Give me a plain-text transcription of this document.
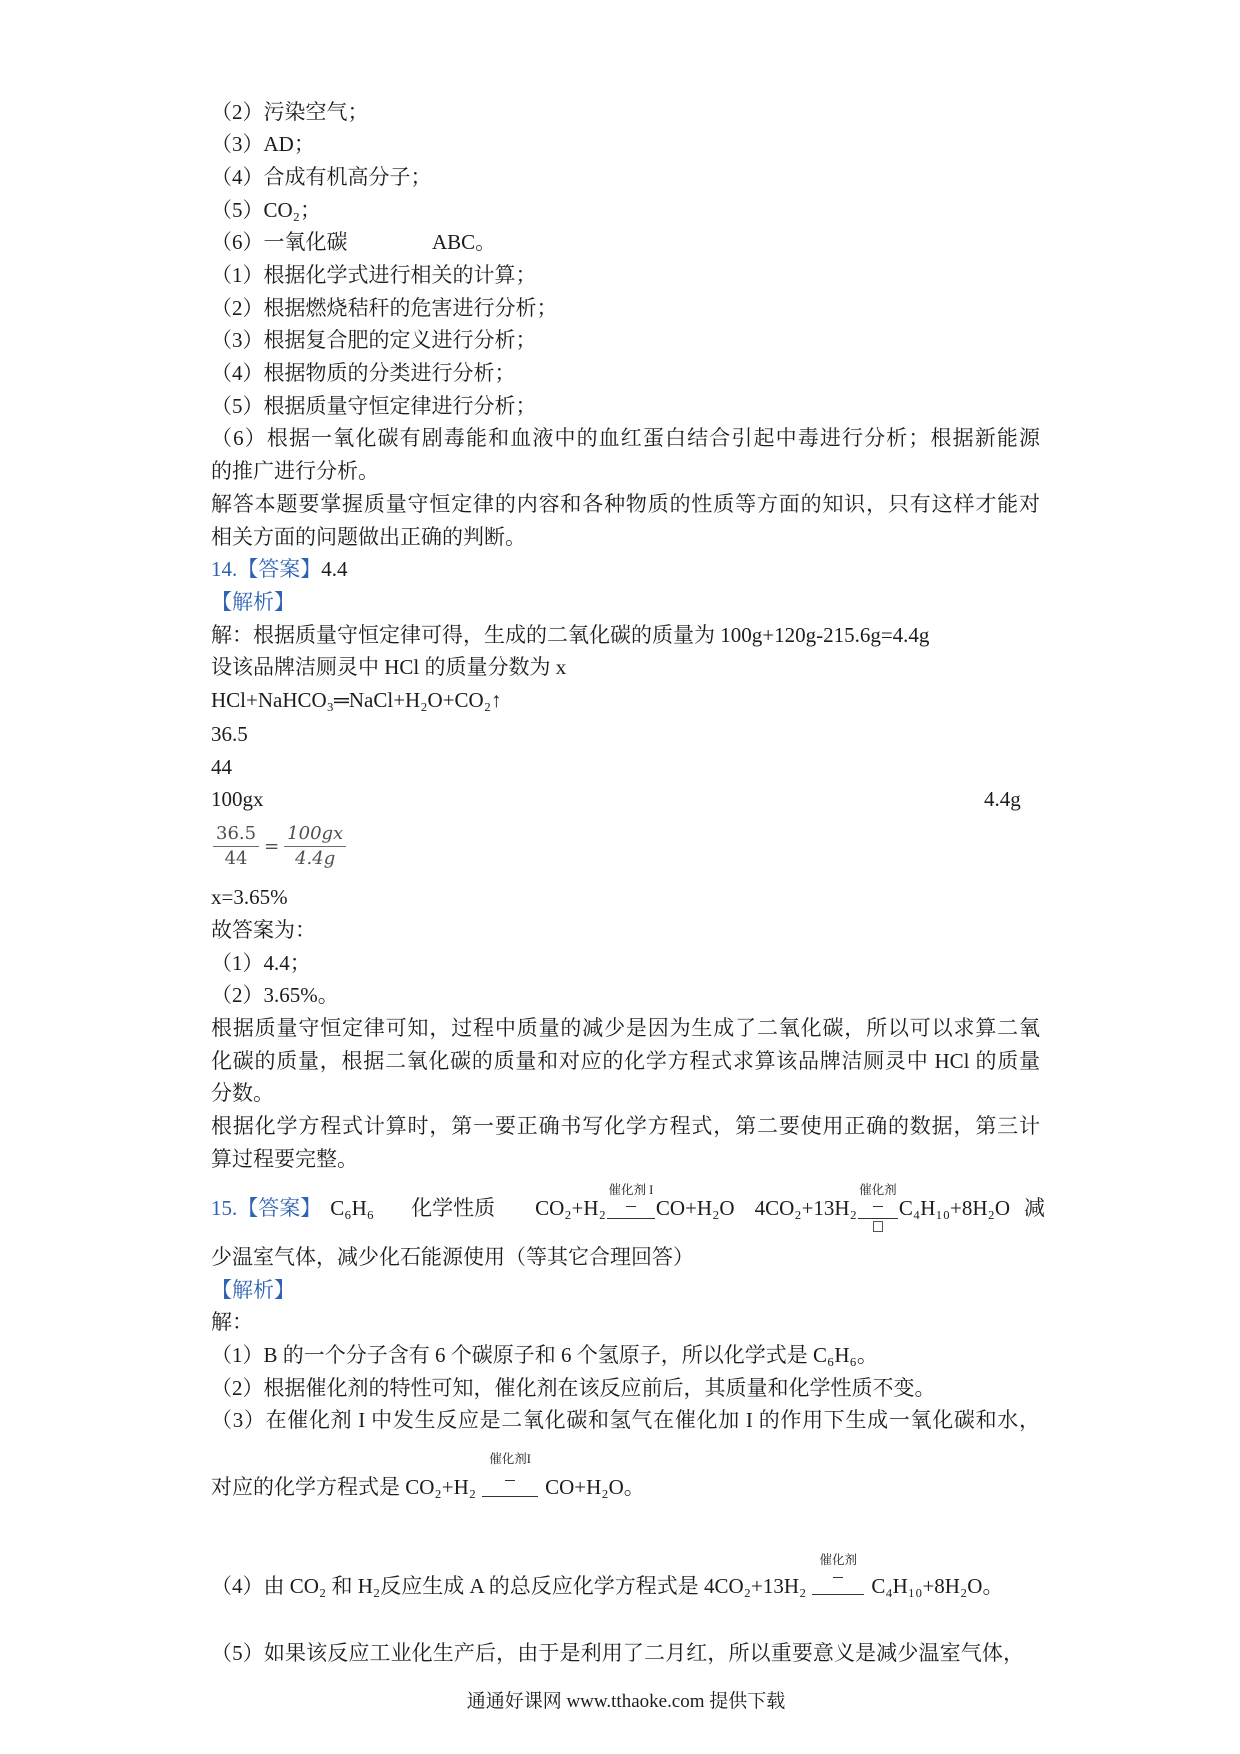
（2）污染空气；
（3）AD；
（4）合成有机高分子；
（5）CO₂；
（6）一氧化碳	ABC。
（1）根据化学式进行相关的计算；
（2）根据燃烧秸秆的危害进行分析；
（3）根据复合肥的定义进行分析；
（4）根据物质的分类进行分析；
（5）根据质量守恒定律进行分析；
（6）根据一氧化碳有剧毒能和血液中的血红蛋白结合引起中毒进行分析；根据新能源
的推广进行分析。
解答本题要掌握质量守恒定律的内容和各种物质的性质等方面的知识，只有这样才能对
相关方面的问题做出正确的判断。
14.【答案】4.4
【解析】
解：根据质量守恒定律可得，生成的二氧化碳的质量为 100g+120g-215.6g=4.4g
设该品牌洁厕灵中 HCl 的质量分数为 x
HCl+NaHCO₃═NaCl+H₂O+CO₂↑
36.5
44
100gx	4.4g
$\frac{36.5}{44} = \frac{100gx}{4.4g}$
x=3.65%
故答案为：
（1）4.4；
（2）3.65%。
根据质量守恒定律可知，过程中质量的减少是因为生成了二氧化碳，所以可以求算二氧
化碳的质量，根据二氧化碳的质量和对应的化学方程式求算该品牌洁厕灵中 HCl 的质量
分数。
根据化学方程式计算时，第一要正确书写化学方程式，第二要使用正确的数据，第三计
算过程要完整。
15. 【答案】 C₆H₆ 化学性质 CO₂+H₂
催化剂 I
CO+H₂O 4CO₂+13H₂
催化剂
C₄H₁₀+8H₂O 减
少温室气体，减少化石能源使用（等其它合理回答）
【解析】
解：
（1）B 的一个分子含有 6 个碳原子和 6 个氢原子，所以化学式是 C₆H₆。
（2）根据催化剂的特性可知，催化剂在该反应前后，其质量和化学性质不变。
（3）在催化剂 I 中发生反应是二氧化碳和氢气在催化加 I 的作用下生成一氧化碳和水，
对应的化学方程式是 CO₂+H₂
催化剂I
CO+H₂O。
（4）由 CO₂ 和 H₂反应生成 A 的总反应化学方程式是 4CO₂+13H₂
催化剂
C₄H₁₀+8H₂O。
（5）如果该反应工业化生产后，由于是利用了二月红，所以重要意义是减少温室气体，
通通好课网 www.tthaoke.com 提供下载
